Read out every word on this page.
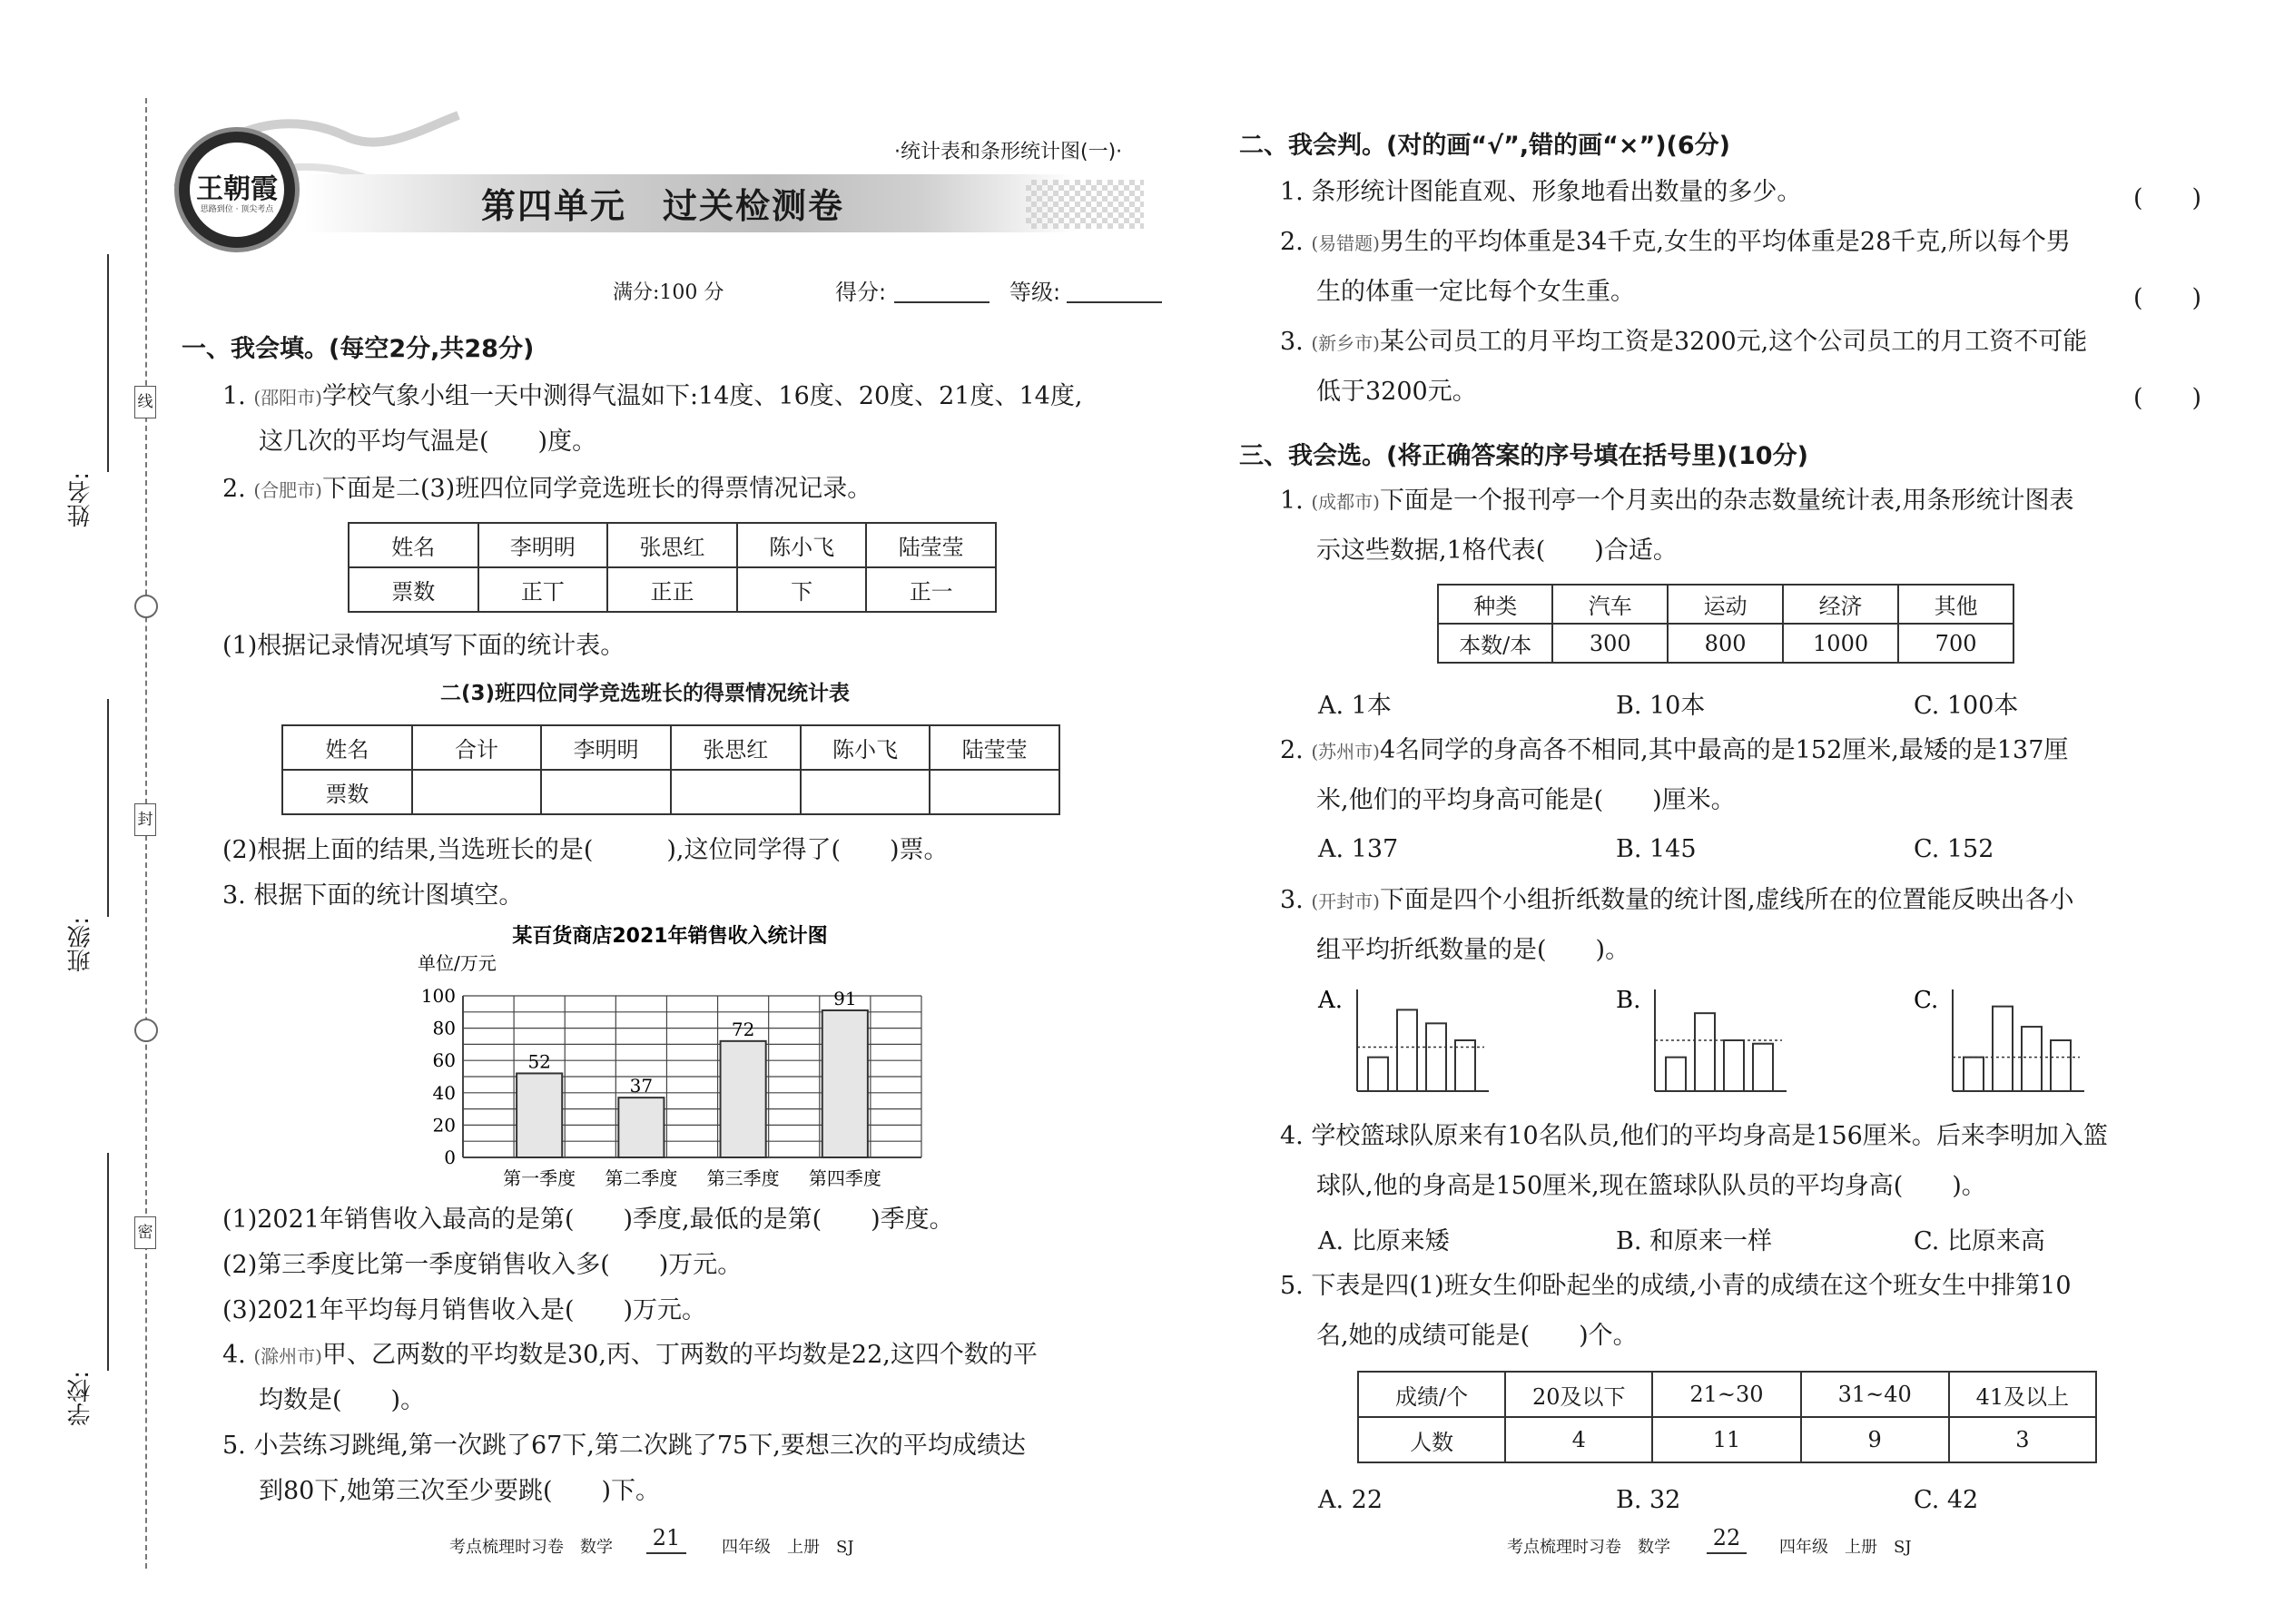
姓名:
线
班级:
封
学校:
密
王朝霞
思路到位 · 顶尖考点
·统计表和条形统计图(一)·
第四单元　过关检测卷
满分:100 分	得分:	等级:
一、我会填。(每空2分,共28分)
1. (邵阳市)学校气象小组一天中测得气温如下:14度、16度、20度、21度、14度,
这几次的平均气温是(　　)度。
2. (合肥市)下面是二(3)班四位同学竞选班长的得票情况记录。
姓名	李明明	张思红	陈小飞	陆莹莹
票数	正丅	正正	下	正一
(1)根据记录情况填写下面的统计表。
二(3)班四位同学竞选班长的得票情况统计表
姓名	合计	李明明	张思红	陈小飞	陆莹莹
票数					
(2)根据上面的结果,当选班长的是(　　　),这位同学得了(　　)票。
3. 根据下面的统计图填空。
某百货商店2021年销售收入统计图
单位/万元
0
20
40
60
80
100
52
第一季度
37
第二季度
72
第三季度
91
第四季度
(1)2021年销售收入最高的是第(　　)季度,最低的是第(　　)季度。
(2)第三季度比第一季度销售收入多(　　)万元。
(3)2021年平均每月销售收入是(　　)万元。
4. (滁州市)甲、乙两数的平均数是30,丙、丁两数的平均数是22,这四个数的平
均数是(　　)。
5. 小芸练习跳绳,第一次跳了67下,第二次跳了75下,要想三次的平均成绩达
到80下,她第三次至少要跳(　　)下。
考点梳理时习卷　数学 21	四年级　上册　SJ
二、我会判。(对的画“√”,错的画“×”)(6分)
1. 条形统计图能直观、形象地看出数量的多少。	(　　)
2. (易错题)男生的平均体重是34千克,女生的平均体重是28千克,所以每个男
生的体重一定比每个女生重。	(　　)
3. (新乡市)某公司员工的月平均工资是3200元,这个公司员工的月工资不可能
低于3200元。	(　　)
三、我会选。(将正确答案的序号填在括号里)(10分)
1. (成都市)下面是一个报刊亭一个月卖出的杂志数量统计表,用条形统计图表
示这些数据,1格代表(　　)合适。
种类	汽车	运动	经济	其他
本数/本	300	800	1000	700
A. 1本	B. 10本	C. 100本
2. (苏州市)4名同学的身高各不相同,其中最高的是152厘米,最矮的是137厘
米,他们的平均身高可能是(　　)厘米。
A. 137	B. 145	C. 152
3. (开封市)下面是四个小组折纸数量的统计图,虚线所在的位置能反映出各小
组平均折纸数量的是(　　)。
A.	B.	C.
4. 学校篮球队原来有10名队员,他们的平均身高是156厘米。后来李明加入篮
球队,他的身高是150厘米,现在篮球队队员的平均身高(　　)。
A. 比原来矮	B. 和原来一样	C. 比原来高
5. 下表是四(1)班女生仰卧起坐的成绩,小青的成绩在这个班女生中排第10
名,她的成绩可能是(　　)个。
成绩/个	20及以下	21~30	31~40	41及以上
人数	4	11	9	3
A. 22	B. 32	C. 42
考点梳理时习卷　数学 22	四年级　上册　SJ
